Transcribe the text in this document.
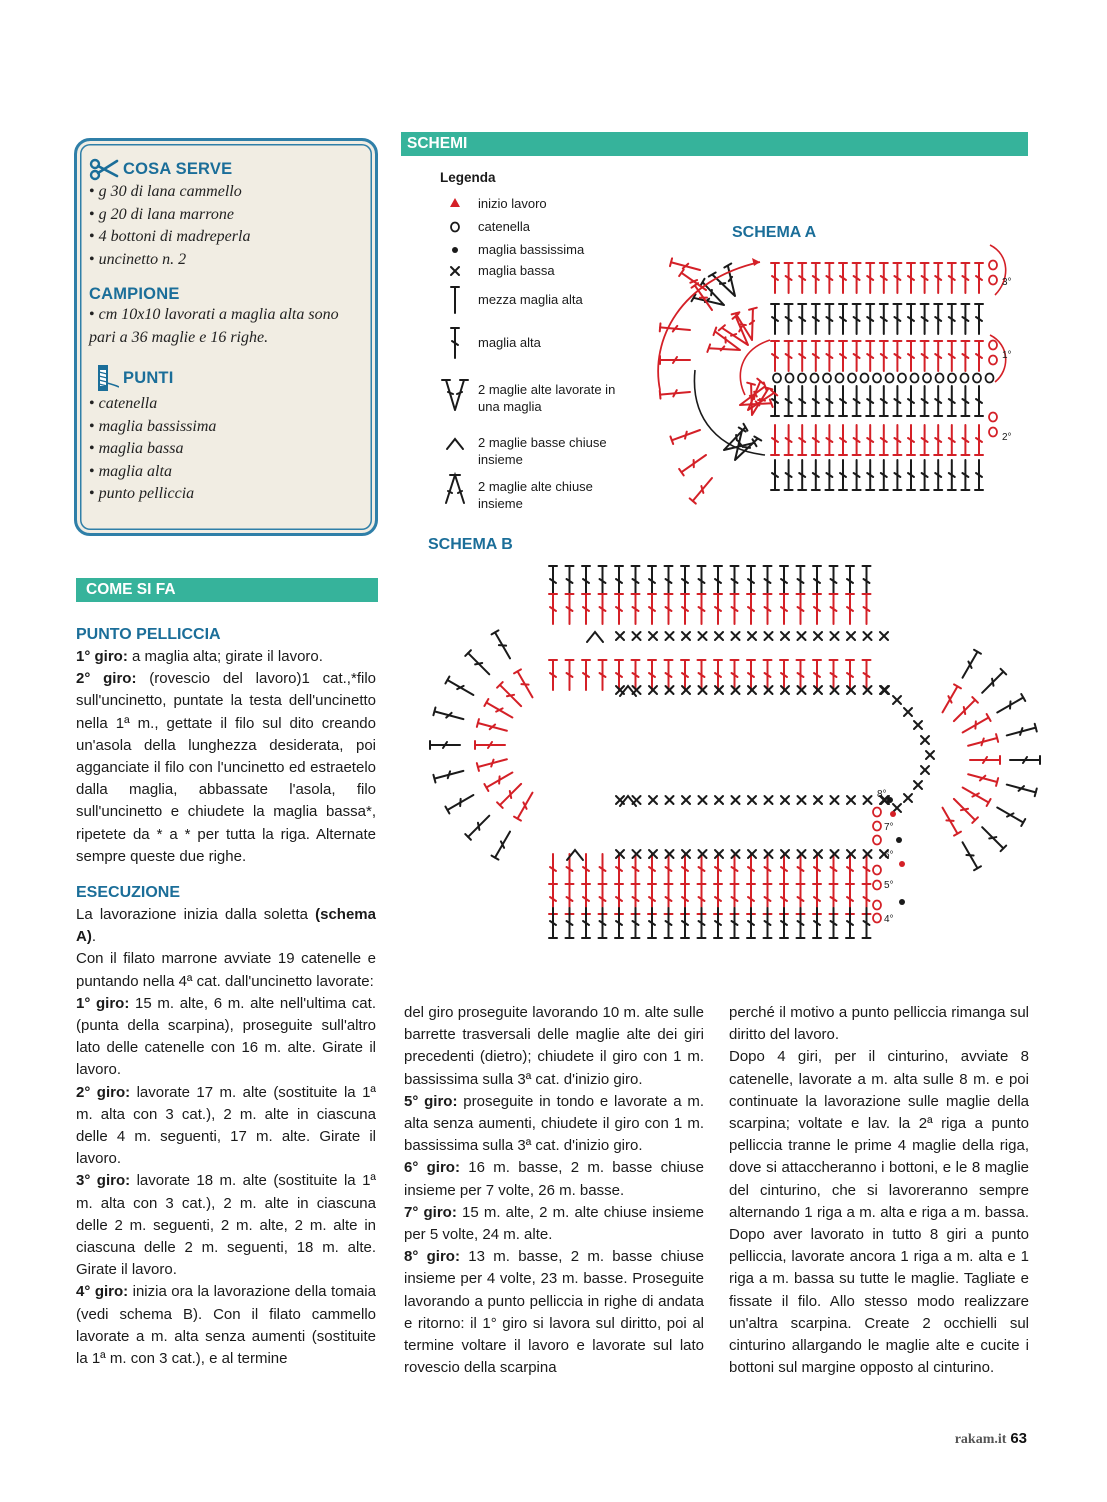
COSA SERVE
• g 30 di lana cammello
• g 20 di lana marrone
• 4 bottoni di madreperla
• uncinetto n. 2
CAMPIONE
• cm 10x10 lavorati a maglia alta sono pari a 36 maglie e 16 righe.
PUNTI
• catenella
• maglia bassissima
• maglia bassa
• maglia alta
• punto pelliccia
COME SI FA
SCHEMI
PUNTO PELLICCIA

1° giro: a maglia alta; girate il lavoro.

2° giro: (rovescio del lavoro)1 cat.,*filo sull'uncinetto, puntate la testa dell'uncinetto nella 1ª m., gettate il filo sul dito creando un'asola della lunghezza desiderata, poi agganciate il filo con l'uncinetto ed estraetelo dalla maglia, abbassate l'asola, filo sull'uncinetto e chiudete la maglia bassa*, ripetete da * a * per tutta la riga. Alternate sempre queste due righe.

ESECUZIONE

La lavorazione inizia dalla soletta (schema A).

Con il filato marrone avviate 19 catenelle e puntando nella 4ª cat. dall'uncinetto lavorate:

1° giro: 15 m. alte, 6 m. alte nell'ultima cat. (punta della scarpina), proseguite sull'altro lato delle catenelle con 16 m. alte. Girate il lavoro.

2° giro: lavorate 17 m. alte (sostituite la 1ª m. alta con 3 cat.), 2 m. alte in ciascuna delle 4 m. seguenti, 17 m. alte. Girate il lavoro.

3° giro: lavorate 18 m. alte (sostituite la 1ª m. alta con 3 cat.), 2 m. alte in ciascuna delle 2 m. seguenti, 2 m. alte, 2 m. alte in ciascuna delle 2 m. seguenti, 18 m. alte. Girate il lavoro.

4° giro: inizia ora la lavorazione della tomaia (vedi schema B). Con il filato cammello lavorate a m. alta senza aumenti (sostituite la 1ª m. con 3 cat.), e al termine

del giro proseguite lavorando 10 m. alte sulle barrette trasversali delle maglie alte dei giri precedenti (dietro); chiudete il giro con 1 m. bassissima sulla 3ª cat. d'inizio giro.

5° giro: proseguite in tondo e lavorate a m. alta senza aumenti, chiudete il giro con 1 m. bassissima sulla 3ª cat. d'inizio giro.

6° giro: 16 m. basse, 2 m. basse chiuse insieme per 7 volte, 26 m. basse.

7° giro: 15 m. alte, 2 m. alte chiuse insieme per 5 volte, 24 m. alte.

8° giro: 13 m. basse, 2 m. basse chiuse insieme per 4 volte, 23 m. basse. Proseguite lavorando a punto pelliccia in righe di andata e ritorno: il 1° giro si lavora sul diritto, poi al termine voltare il lavoro e lavorate sul lato rovescio della scarpina

perché il motivo a punto pelliccia rimanga sul diritto del lavoro.

Dopo 4 giri, per il cinturino, avviate 8 catenelle, lavorate a m. alta sulle 8 m. e poi continuate la lavorazione sulle maglie della scarpina; voltate e lav. la 2ª riga a punto pelliccia tranne le prime 4 maglie della riga, dove si attaccheranno i bottoni, e le 8 maglie del cinturino, che si lavoreranno sempre alternando 1 riga a m. alta e riga a m. bassa. Dopo aver lavorato in tutto 8 giri a punto pelliccia, lavorate ancora 1 riga a m. alta e 1 riga a m. bassa su tutte le maglie. Tagliate e fissate il filo. Allo stesso modo realizzare un'altra scarpina. Create 2 occhielli sul cinturino allargando le maglie alte e cucite i bottoni sul margine opposto al cinturino.

Legenda
inizio lavoro
catenella
maglia bassissima
maglia bassa
mezza maglia alta
maglia alta
2 maglie alte lavorate in una maglia
2 maglie basse chiuse insieme
2 maglie alte chiuse insieme
SCHEMA A
SCHEMA B
3°
1°
2°
8°
7°
6°
5°
4°
rakam.it 63
